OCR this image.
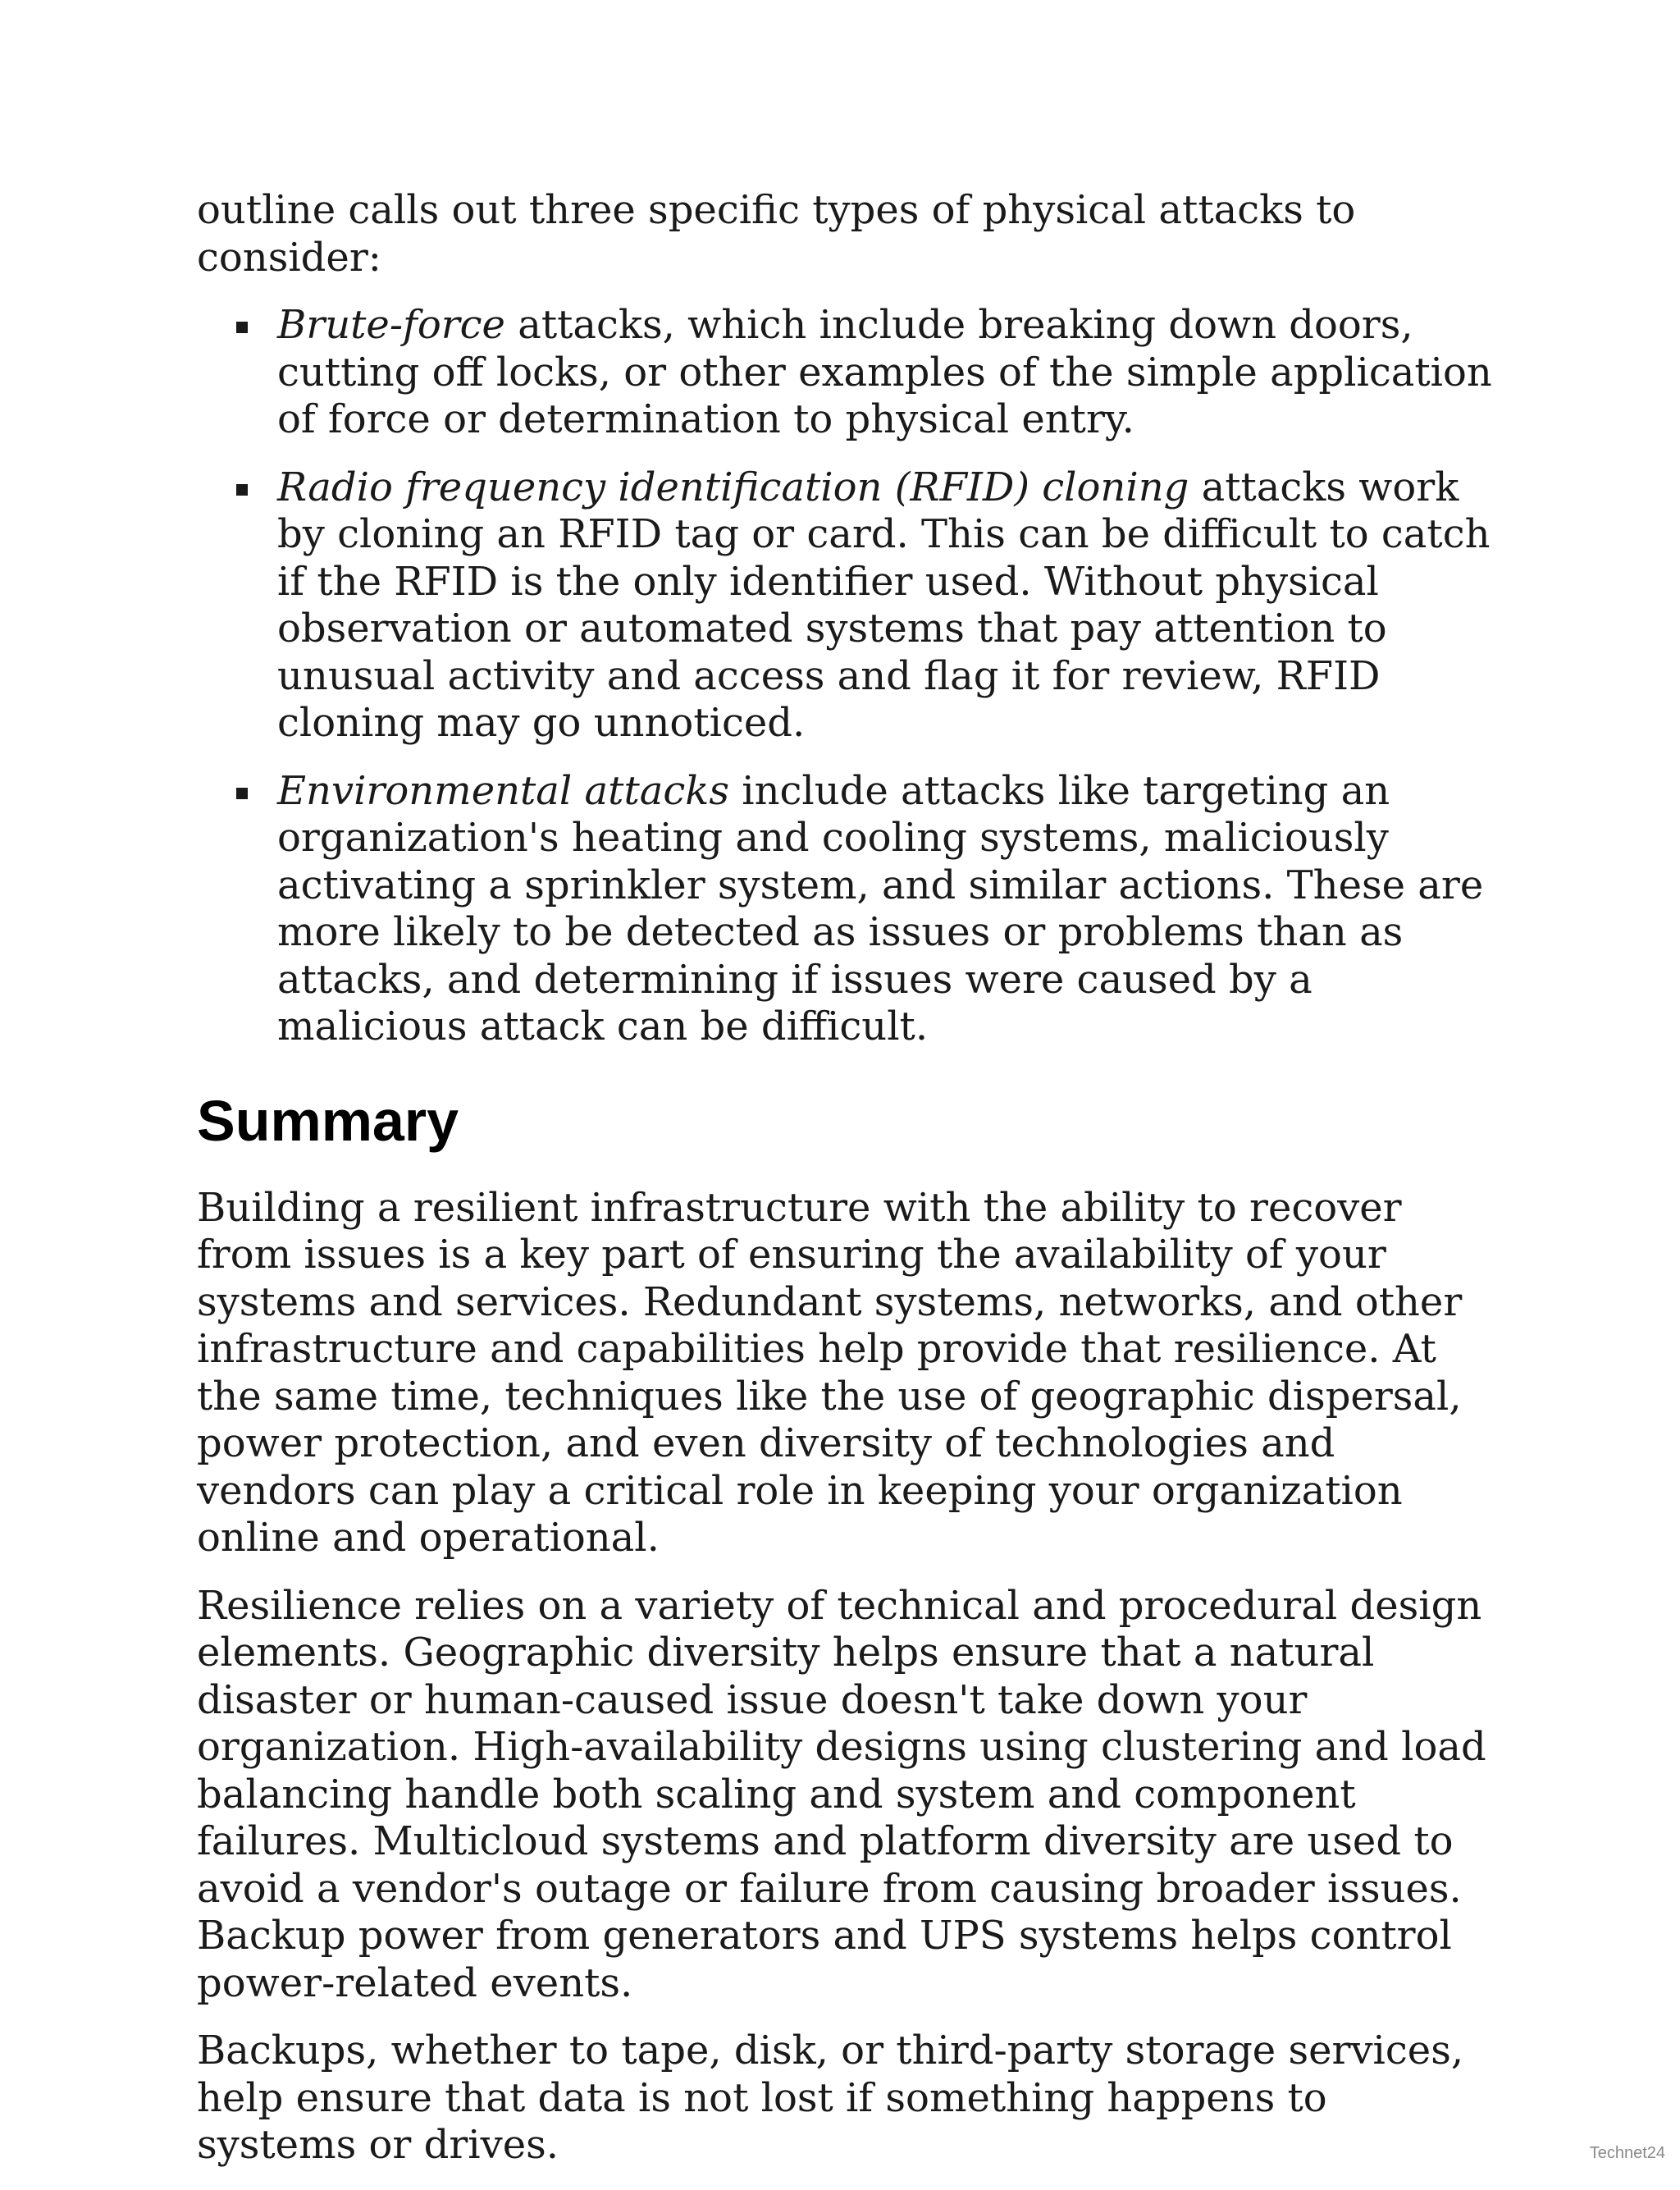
outline calls out three specific types of physical attacks to consider:

Brute-force attacks, which include breaking down doors, cutting off locks, or other examples of the simple application of force or determination to physical entry.
Radio frequency identification (RFID) cloning attacks work by cloning an RFID tag or card. This can be difficult to catch if the RFID is the only identifier used. Without physical observation or automated systems that pay attention to unusual activity and access and flag it for review, RFID cloning may go unnoticed.
Environmental attacks include attacks like targeting an organization's heating and cooling systems, maliciously activating a sprinkler system, and similar actions. These are more likely to be detected as issues or problems than as attacks, and determining if issues were caused by a malicious attack can be difficult.
Summary

Building a resilient infrastructure with the ability to recover from issues is a key part of ensuring the availability of your systems and services. Redundant systems, networks, and other infrastructure and capabilities help provide that resilience. At the same time, techniques like the use of geographic dispersal, power protection, and even diversity of technologies and vendors can play a critical role in keeping your organization online and operational.

Resilience relies on a variety of technical and procedural design elements. Geographic diversity helps ensure that a natural disaster or human-caused issue doesn't take down your organization. High-availability designs using clustering and load balancing handle both scaling and system and component failures. Multicloud systems and platform diversity are used to avoid a vendor's outage or failure from causing broader issues. Backup power from generators and UPS systems helps control power-related events.

Backups, whether to tape, disk, or third-party storage services, help ensure that data is not lost if something happens to systems or drives.	Technet24
